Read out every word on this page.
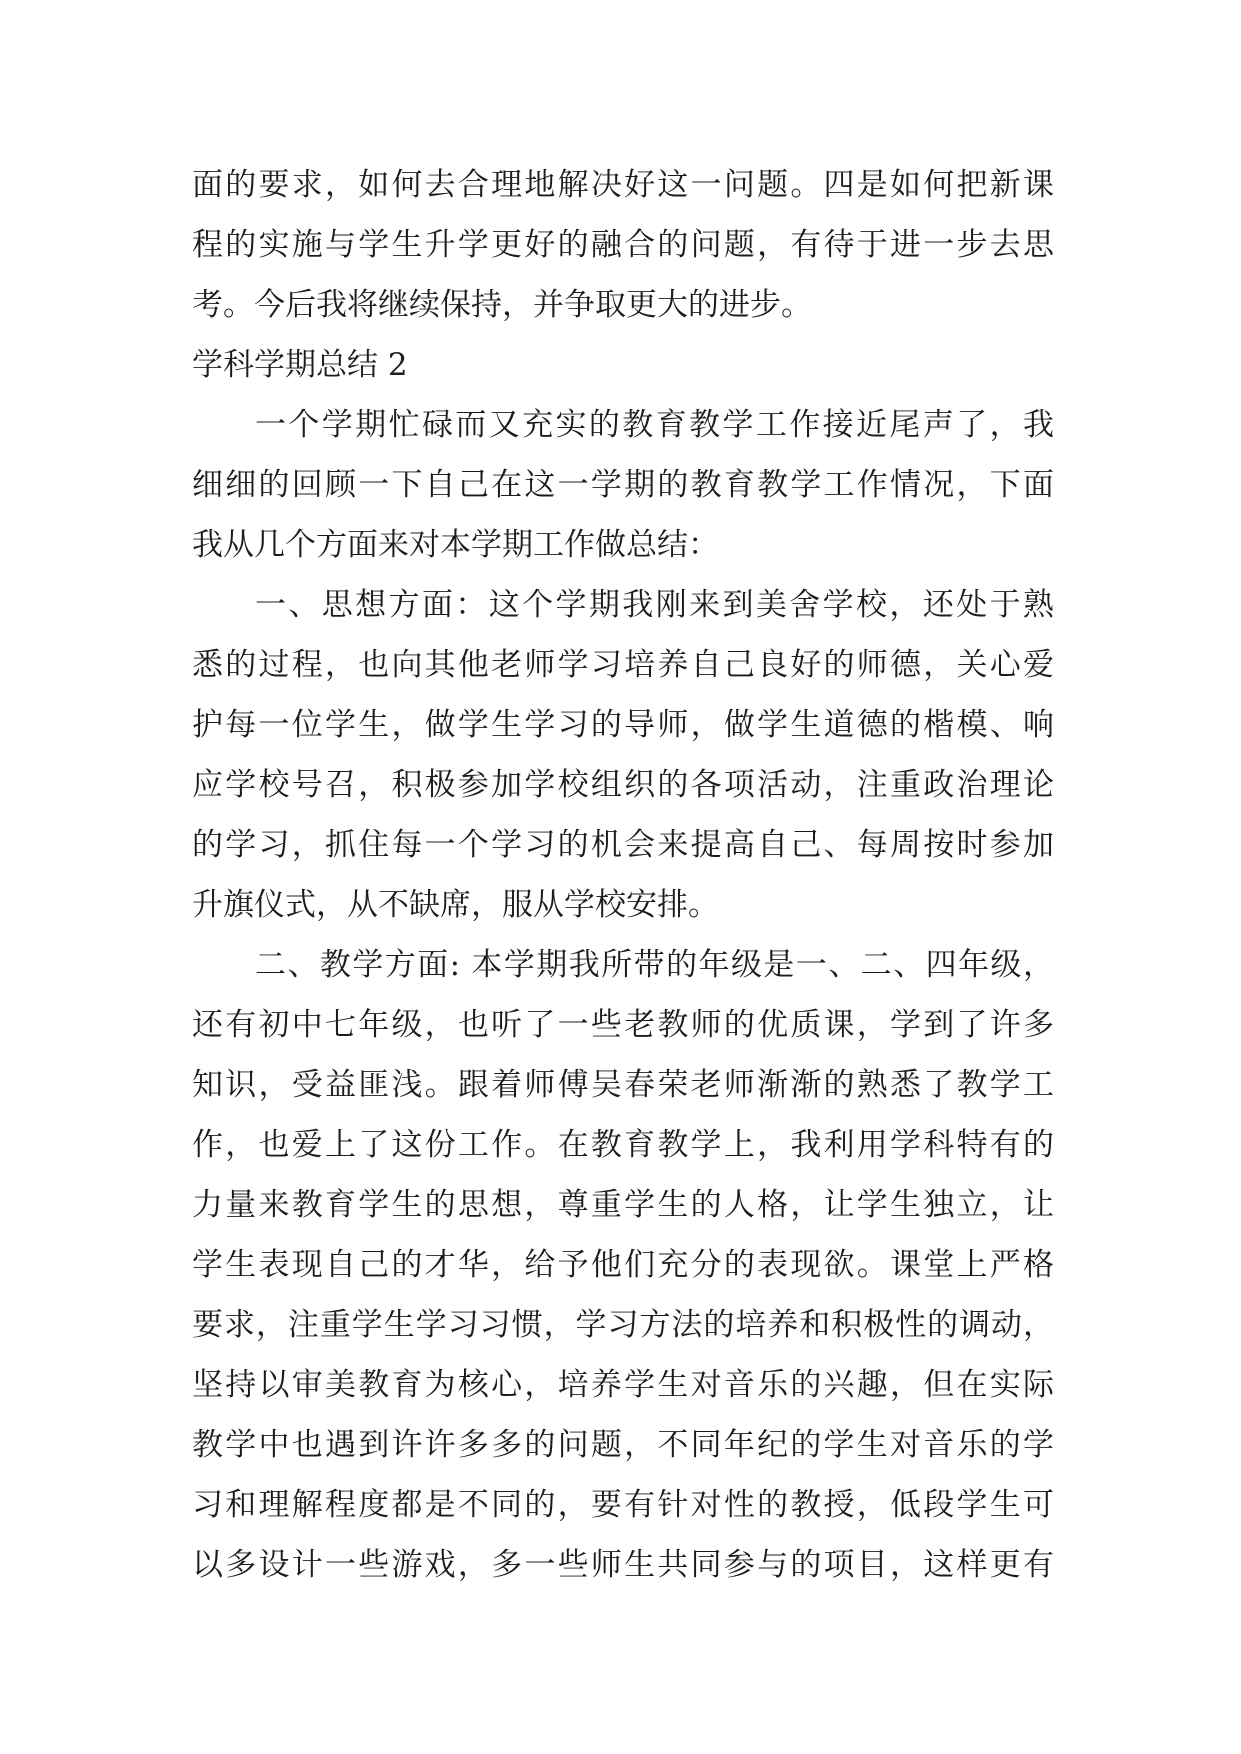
面的要求，如何去合理地解决好这一问题。四是如何把新课
程的实施与学生升学更好的融合的问题，有待于进一步去思
考。今后我将继续保持，并争取更大的进步。
学科学期总结 2
一个学期忙碌而又充实的教育教学工作接近尾声了，我
细细的回顾一下自己在这一学期的教育教学工作情况，下面
我从几个方面来对本学期工作做总结：
一、思想方面：这个学期我刚来到美舍学校，还处于熟
悉的过程，也向其他老师学习培养自己良好的师德，关心爱
护每一位学生，做学生学习的导师，做学生道德的楷模、响
应学校号召，积极参加学校组织的各项活动，注重政治理论
的学习，抓住每一个学习的机会来提高自己、每周按时参加
升旗仪式，从不缺席，服从学校安排。
二、教学方面: 本学期我所带的年级是一、二、四年级，
还有初中七年级，也听了一些老教师的优质课，学到了许多
知识，受益匪浅。跟着师傅吴春荣老师渐渐的熟悉了教学工
作，也爱上了这份工作。在教育教学上，我利用学科特有的
力量来教育学生的思想，尊重学生的人格，让学生独立，让
学生表现自己的才华，给予他们充分的表现欲。课堂上严格
要求，注重学生学习习惯，学习方法的培养和积极性的调动，
坚持以审美教育为核心，培养学生对音乐的兴趣，但在实际
教学中也遇到许许多多的问题，不同年纪的学生对音乐的学
习和理解程度都是不同的，要有针对性的教授，低段学生可
以多设计一些游戏，多一些师生共同参与的项目，这样更有
